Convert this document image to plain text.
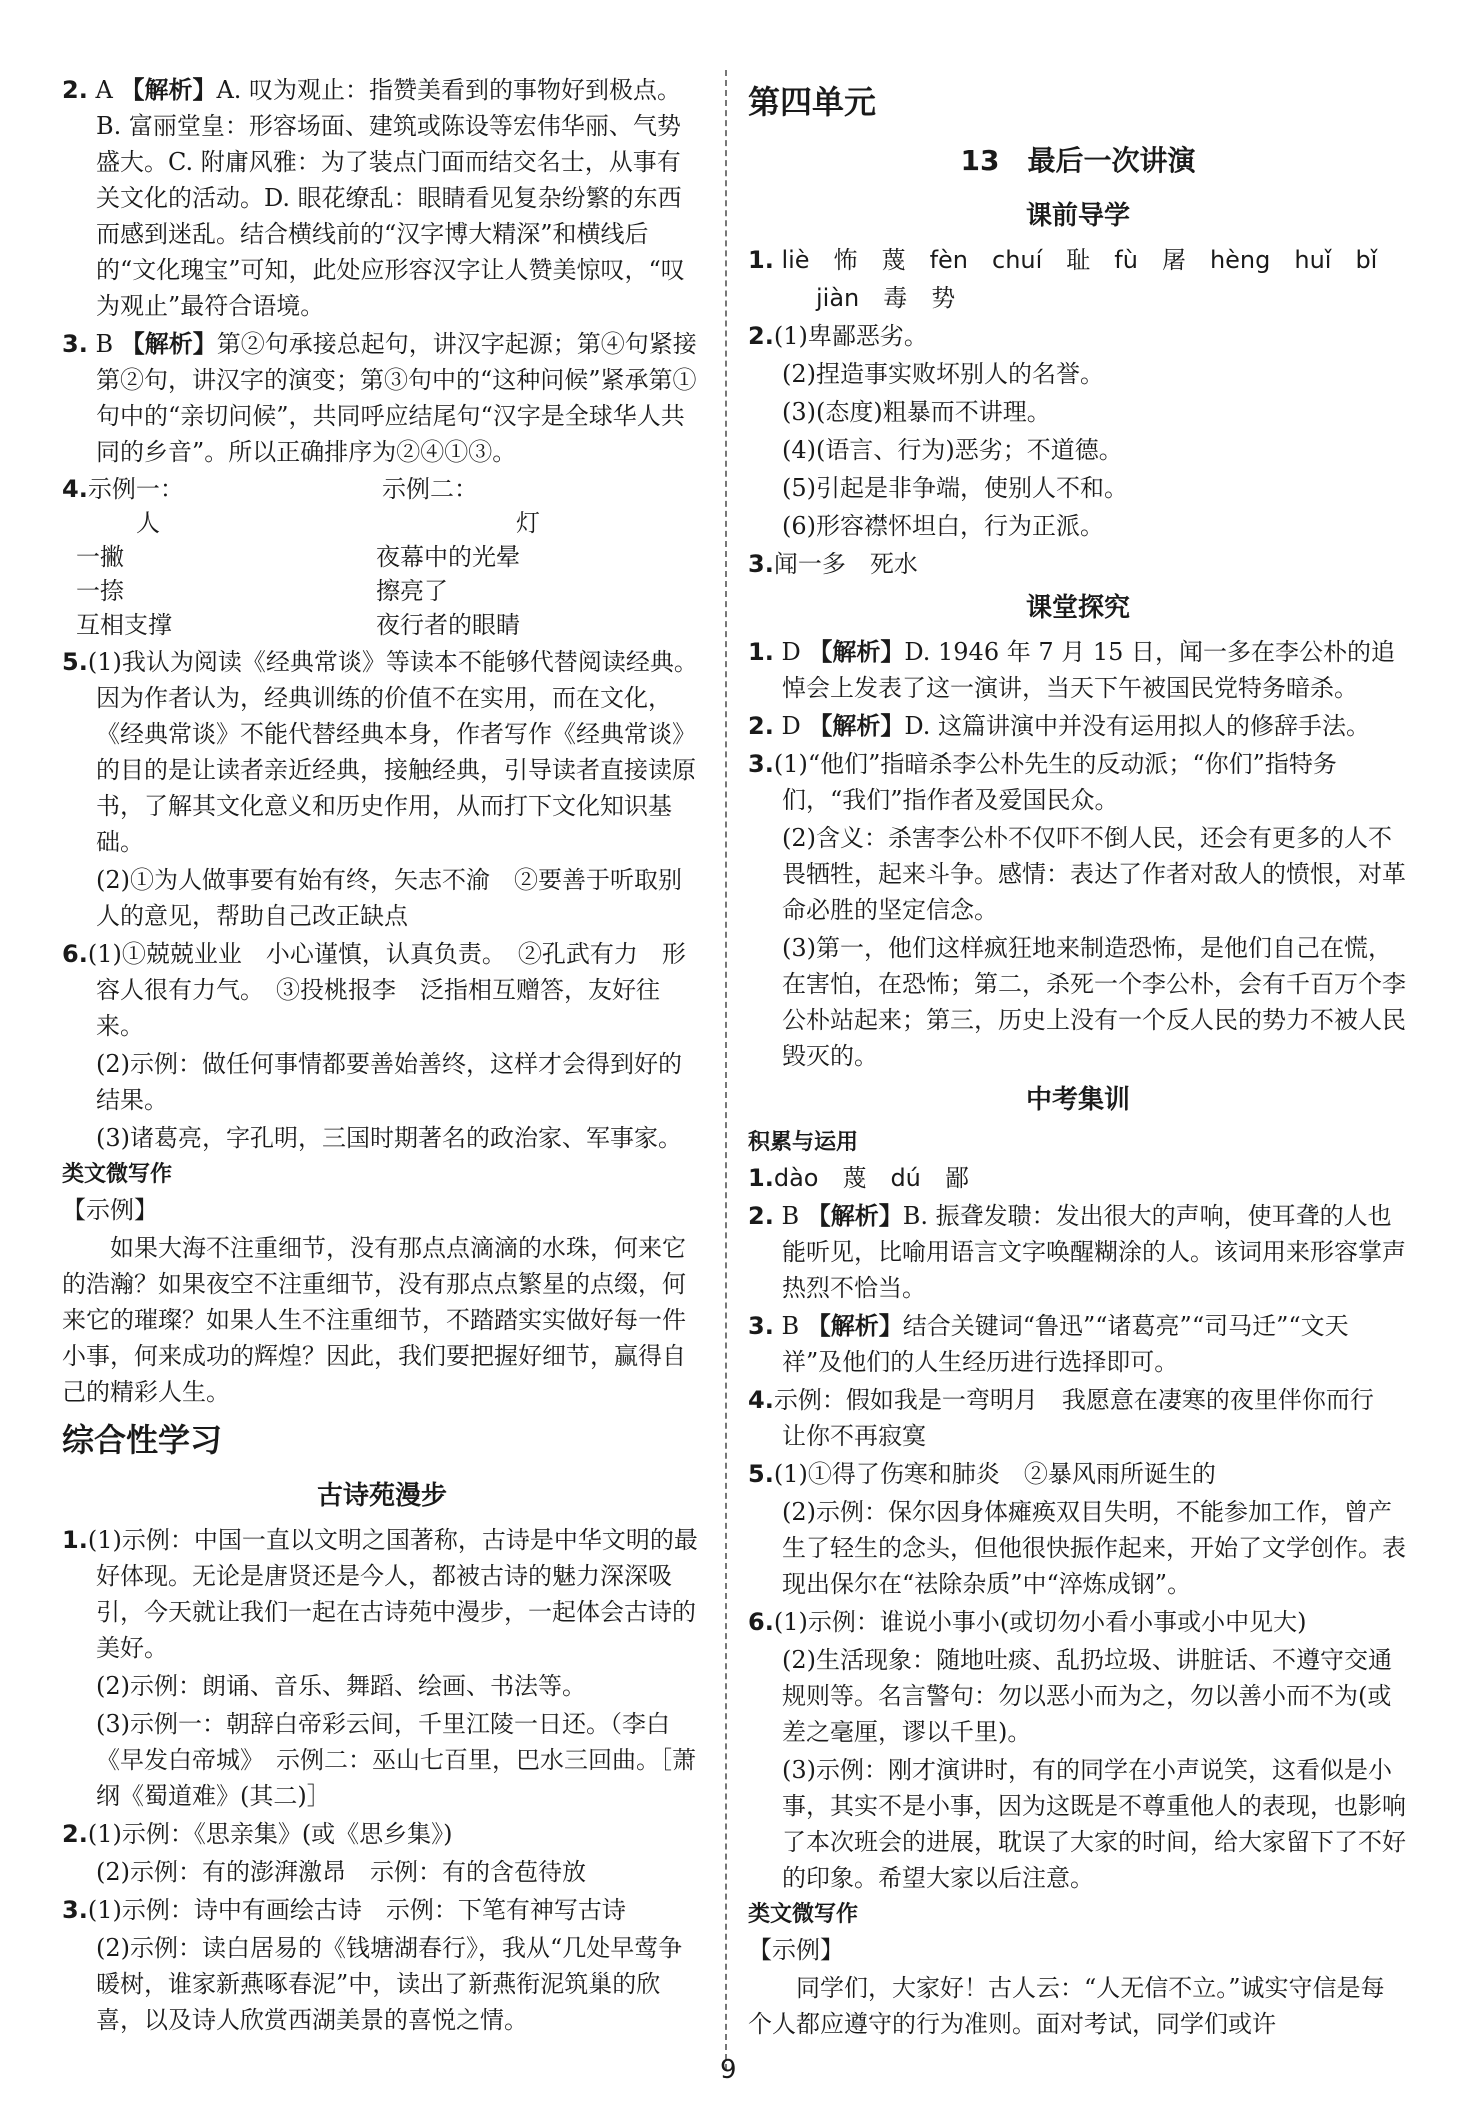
2. A 【解析】A. 叹为观止：指赞美看到的事物好到极点。B. 富丽堂皇：形容场面、建筑或陈设等宏伟华丽、气势盛大。C. 附庸风雅：为了装点门面而结交名士，从事有关文化的活动。D. 眼花缭乱：眼睛看见复杂纷繁的东西而感到迷乱。结合横线前的“汉字博大精深”和横线后的“文化瑰宝”可知，此处应形容汉字让人赞美惊叹，“叹为观止”最符合语境。
3. B 【解析】第②句承接总起句，讲汉字起源；第④句紧接第②句，讲汉字的演变；第③句中的“这种问候”紧承第①句中的“亲切问候”，共同呼应结尾句“汉字是全球华人共同的乡音”。所以正确排序为②④①③。
4.示例一：	示例二：
人	灯
一撇	夜幕中的光晕
一捺	擦亮了
互相支撑	夜行者的眼睛
5.(1)我认为阅读《经典常谈》等读本不能够代替阅读经典。因为作者认为，经典训练的价值不在实用，而在文化，《经典常谈》不能代替经典本身，作者写作《经典常谈》的目的是让读者亲近经典，接触经典，引导读者直接读原书，了解其文化意义和历史作用，从而打下文化知识基础。
(2)①为人做事要有始有终，矢志不渝　②要善于听取别人的意见，帮助自己改正缺点
6.(1)①兢兢业业　小心谨慎，认真负责。　②孔武有力　形容人很有力气。　③投桃报李　泛指相互赠答，友好往来。
(2)示例：做任何事情都要善始善终，这样才会得到好的结果。
(3)诸葛亮，字孔明，三国时期著名的政治家、军事家。
类文微写作
【示例】
如果大海不注重细节，没有那点点滴滴的水珠，何来它的浩瀚？如果夜空不注重细节，没有那点点繁星的点缀，何来它的璀璨？如果人生不注重细节，不踏踏实实做好每一件小事，何来成功的辉煌？因此，我们要把握好细节，赢得自己的精彩人生。
综合性学习
古诗苑漫步
1.(1)示例：中国一直以文明之国著称，古诗是中华文明的最好体现。无论是唐贤还是今人，都被古诗的魅力深深吸引，今天就让我们一起在古诗苑中漫步，一起体会古诗的美好。
(2)示例：朗诵、音乐、舞蹈、绘画、书法等。
(3)示例一：朝辞白帝彩云间，千里江陵一日还。（李白《早发白帝城》　示例二：巫山七百里，巴水三回曲。［萧纲《蜀道难》(其二)］
2.(1)示例：《思亲集》(或《思乡集》)
(2)示例：有的澎湃激昂　示例：有的含苞待放
3.(1)示例：诗中有画绘古诗　示例：下笔有神写古诗
(2)示例：读白居易的《钱塘湖春行》，我从“几处早莺争暖树，谁家新燕啄春泥”中，读出了新燕衔泥筑巢的欣喜，以及诗人欣赏西湖美景的喜悦之情。
第四单元
13　最后一次讲演
课前导学
1. liè　怖　蔑　fèn　chuí　耻　fù　屠　hèng　huǐ　bǐ
jiàn　毒　势
2.(1)卑鄙恶劣。
(2)捏造事实败坏别人的名誉。
(3)(态度)粗暴而不讲理。
(4)(语言、行为)恶劣；不道德。
(5)引起是非争端，使别人不和。
(6)形容襟怀坦白，行为正派。
3.闻一多　死水
课堂探究
1. D 【解析】D. 1946 年 7 月 15 日，闻一多在李公朴的追悼会上发表了这一演讲，当天下午被国民党特务暗杀。
2. D 【解析】D. 这篇讲演中并没有运用拟人的修辞手法。
3.(1)“他们”指暗杀李公朴先生的反动派；“你们”指特务们，“我们”指作者及爱国民众。
(2)含义：杀害李公朴不仅吓不倒人民，还会有更多的人不畏牺牲，起来斗争。感情：表达了作者对敌人的愤恨，对革命必胜的坚定信念。
(3)第一，他们这样疯狂地来制造恐怖，是他们自己在慌，在害怕，在恐怖；第二，杀死一个李公朴，会有千百万个李公朴站起来；第三，历史上没有一个反人民的势力不被人民毁灭的。
中考集训
积累与运用
1.dào　蔑　dú　鄙
2. B 【解析】B. 振聋发聩：发出很大的声响，使耳聋的人也能听见，比喻用语言文字唤醒糊涂的人。该词用来形容掌声热烈不恰当。
3. B 【解析】结合关键词“鲁迅”“诸葛亮”“司马迁”“文天祥”及他们的人生经历进行选择即可。
4.示例：假如我是一弯明月　我愿意在凄寒的夜里伴你而行　让你不再寂寞
5.(1)①得了伤寒和肺炎　②暴风雨所诞生的
(2)示例：保尔因身体瘫痪双目失明，不能参加工作，曾产生了轻生的念头，但他很快振作起来，开始了文学创作。表现出保尔在“祛除杂质”中“淬炼成钢”。
6.(1)示例：谁说小事小(或切勿小看小事或小中见大)
(2)生活现象：随地吐痰、乱扔垃圾、讲脏话、不遵守交通规则等。名言警句：勿以恶小而为之，勿以善小而不为(或差之毫厘，谬以千里)。
(3)示例：刚才演讲时，有的同学在小声说笑，这看似是小事，其实不是小事，因为这既是不尊重他人的表现，也影响了本次班会的进展，耽误了大家的时间，给大家留下了不好的印象。希望大家以后注意。
类文微写作
【示例】
同学们，大家好！古人云：“人无信不立。”诚实守信是每个人都应遵守的行为准则。面对考试，同学们或许
9
